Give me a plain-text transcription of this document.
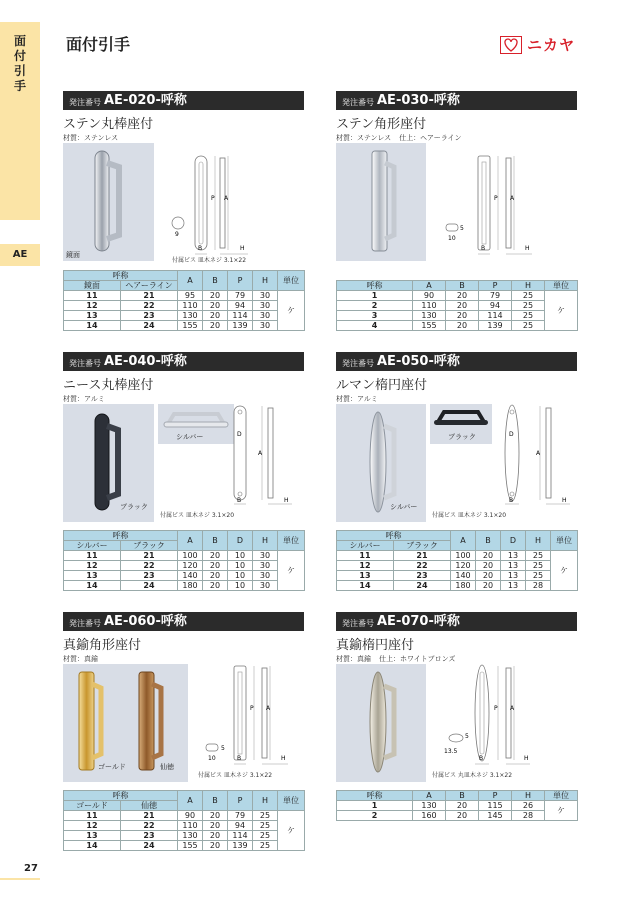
面
付
引
手
AE
面付引手	ニカヤ
発注番号 AE-020-呼称
ステン丸棒座付
材質：ステンレス
鏡面
P A
B	H
9
付属ビス 皿木ネジ 3.1×22
呼称		A	B	P	H	単位
鏡面	ヘアーライン					
11	21	95	20	79	30	ケ
12	22	110	20	94	30	
13	23	130	20	114	30	
14	24	155	20	139	30	
発注番号 AE-030-呼称
ステン角形座付
材質：ステンレス 仕上：ヘアーライン
P A
B	H
10
5
呼称	A	B	P	H	単位
1	90	20	79	25	ケ
2	110	20	94	25	
3	130	20	114	25	
4	155	20	139	25	
発注番号 AE-040-呼称
ニース丸棒座付
材質：アルミ
ブラック
シルバー	D
A
B	H
付属ビス 皿木ネジ 3.1×20
呼称		A	B	D	H	単位
シルバー	ブラック					
11	21	100	20	10	30	ケ
12	22	120	20	10	30	
13	23	140	20	10	30	
14	24	180	20	10	30	
発注番号 AE-050-呼称
ルマン楕円座付
材質：アルミ
シルバー
ブラック	D
A
B	H
付属ビス 皿木ネジ 3.1×20
呼称		A	B	D	H	単位
シルバー	ブラック					
11	21	100	20	13	25	ケ
12	22	120	20	13	25	
13	23	140	20	13	25	
14	24	180	20	13	28	
発注番号 AE-060-呼称
真鍮角形座付
材質：真鍮
ゴールド	仙徳
P A
B	H
10
5
付属ビス 皿木ネジ 3.1×22
呼称		A	B	P	H	単位
ゴールド	仙徳					
11	21	90	20	79	25	ケ
12	22	110	20	94	25	
13	23	130	20	114	25	
14	24	155	20	139	25	
発注番号 AE-070-呼称
真鍮楕円座付
材質：真鍮 仕上：ホワイトブロンズ
P A
B	H
13.5
5
付属ビス 丸皿木ネジ 3.1×22
呼称	A	B	P	H	単位
1	130	20	115	26	ケ
2	160	20	145	28	
27
